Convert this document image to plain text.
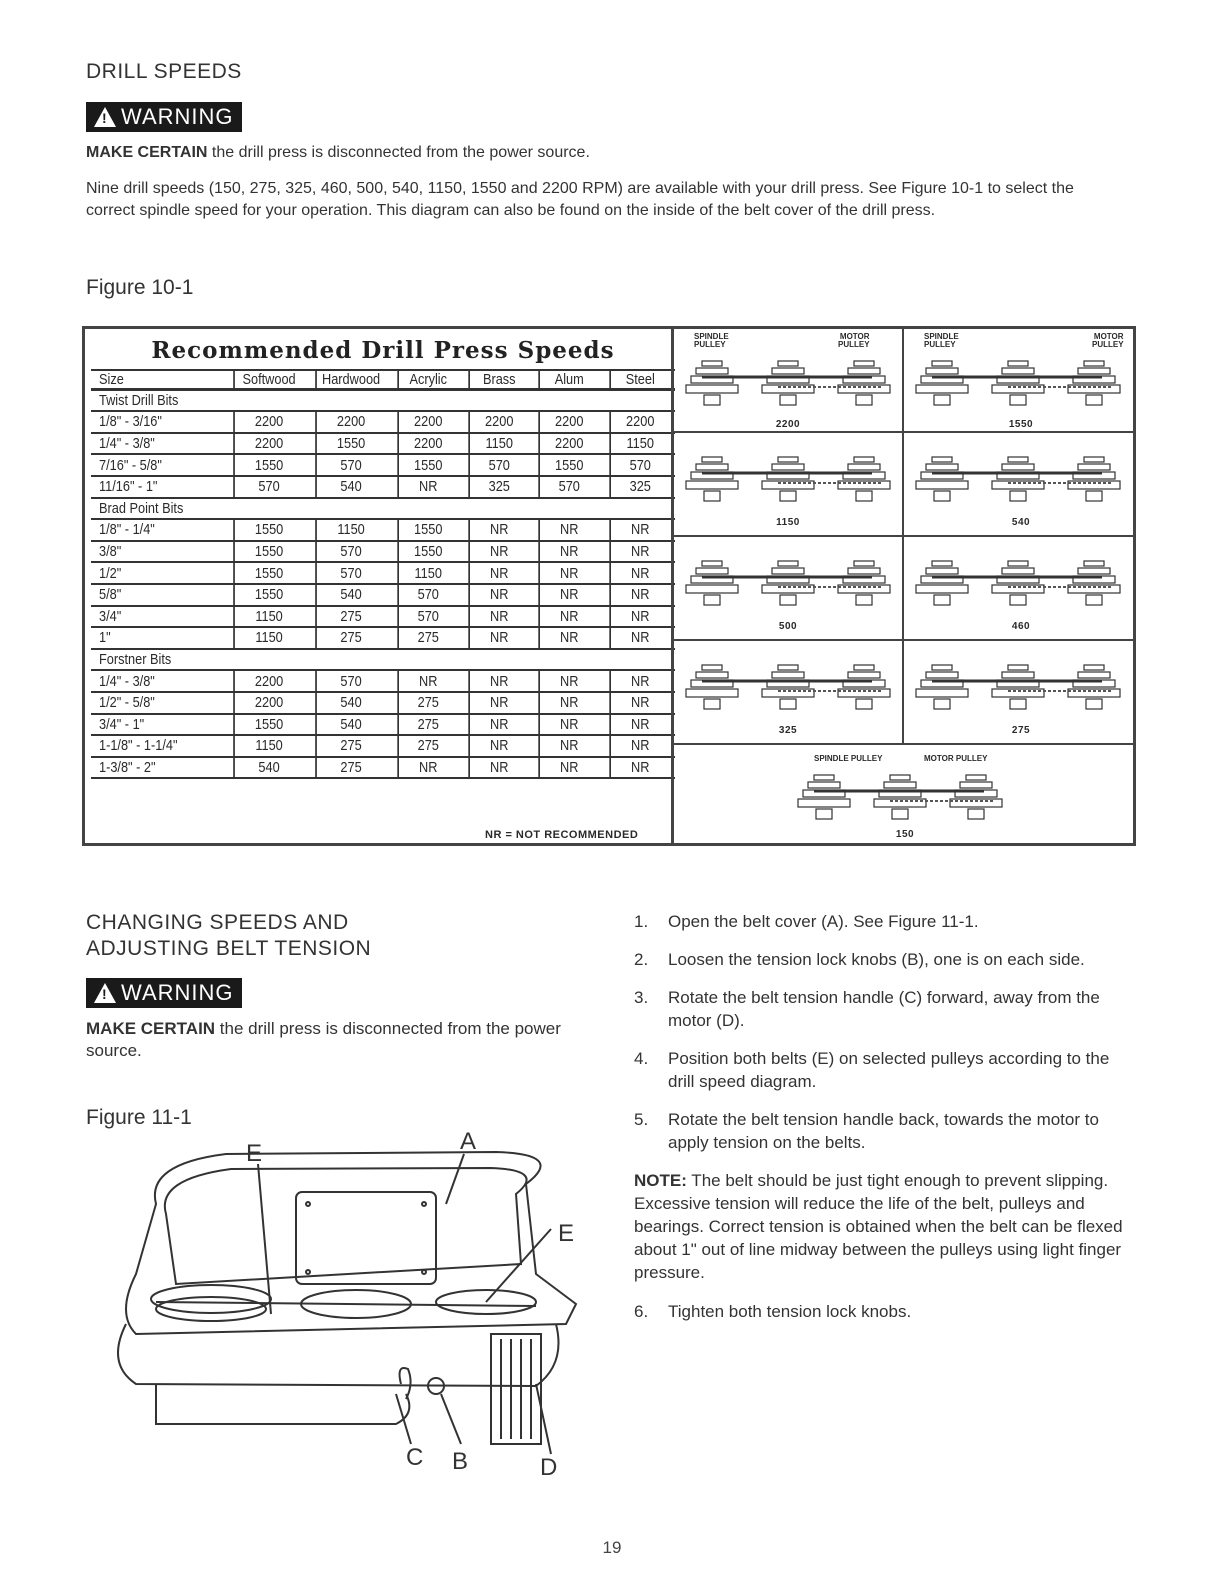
DRILL SPEEDS
!
WARNING

MAKE CERTAIN the drill press is disconnected from the power source.

Nine drill speeds (150, 275, 325, 460, 500, 540, 1150, 1550 and 2200 RPM) are available with your drill press. See Figure 10-1 to select the correct spindle speed for your operation. This diagram can also be found on the inside of the belt cover of the drill press.

Figure 10-1
Recommended Drill Press Speeds
Size	Softwood	Hardwood	Acrylic	Brass	Alum	Steel
Twist Drill Bits
1/8" - 3/16"	2200	2200	2200	2200	2200	2200
1/4" - 3/8"	2200	1550	2200	1150	2200	1150
7/16" - 5/8"	1550	570	1550	570	1550	570
11/16" - 1"	570	540	NR	325	570	325
Brad Point Bits
1/8" - 1/4"	1550	1150	1550	NR	NR	NR
3/8"	1550	570	1550	NR	NR	NR
1/2"	1550	570	1150	NR	NR	NR
5/8"	1550	540	570	NR	NR	NR
3/4"	1150	275	570	NR	NR	NR
1"	1150	275	275	NR	NR	NR
Forstner Bits
1/4" - 3/8"	2200	570	NR	NR	NR	NR
1/2" - 5/8"	2200	540	275	NR	NR	NR
3/4" - 1"	1550	540	275	NR	NR	NR
1-1/8" - 1-1/4"	1150	275	275	NR	NR	NR
1-3/8" - 2"	540	275	NR	NR	NR	NR
NR = NOT RECOMMENDED
SPINDLE
PULLEY
MOTOR
PULLEY
2200
SPINDLE
PULLEY
MOTOR
PULLEY
1550
1150	540
500	460
325	275
SPINDLE PULLEY	MOTOR PULLEY
150
CHANGING SPEEDS AND
ADJUSTING BELT TENSION
!
WARNING

MAKE CERTAIN the drill press is disconnected from the power source.

Figure 11-1
E	A
E
C B	D
1.	Open the belt cover (A). See Figure 11-1.
2.	Loosen the tension lock knobs (B), one is on each side.
3.	Rotate the belt tension handle (C) forward, away from the motor (D).
4.	Position both belts (E) on selected pulleys according to the drill speed diagram.
5.	Rotate the belt tension handle back, towards the motor to apply tension on the belts.

NOTE: The belt should be just tight enough to prevent slipping. Excessive tension will reduce the life of the belt, pulleys and bearings. Correct tension is obtained when the belt can be flexed about 1" out of line midway between the pulleys using light finger pressure.

6.	Tighten both tension lock knobs.
19
